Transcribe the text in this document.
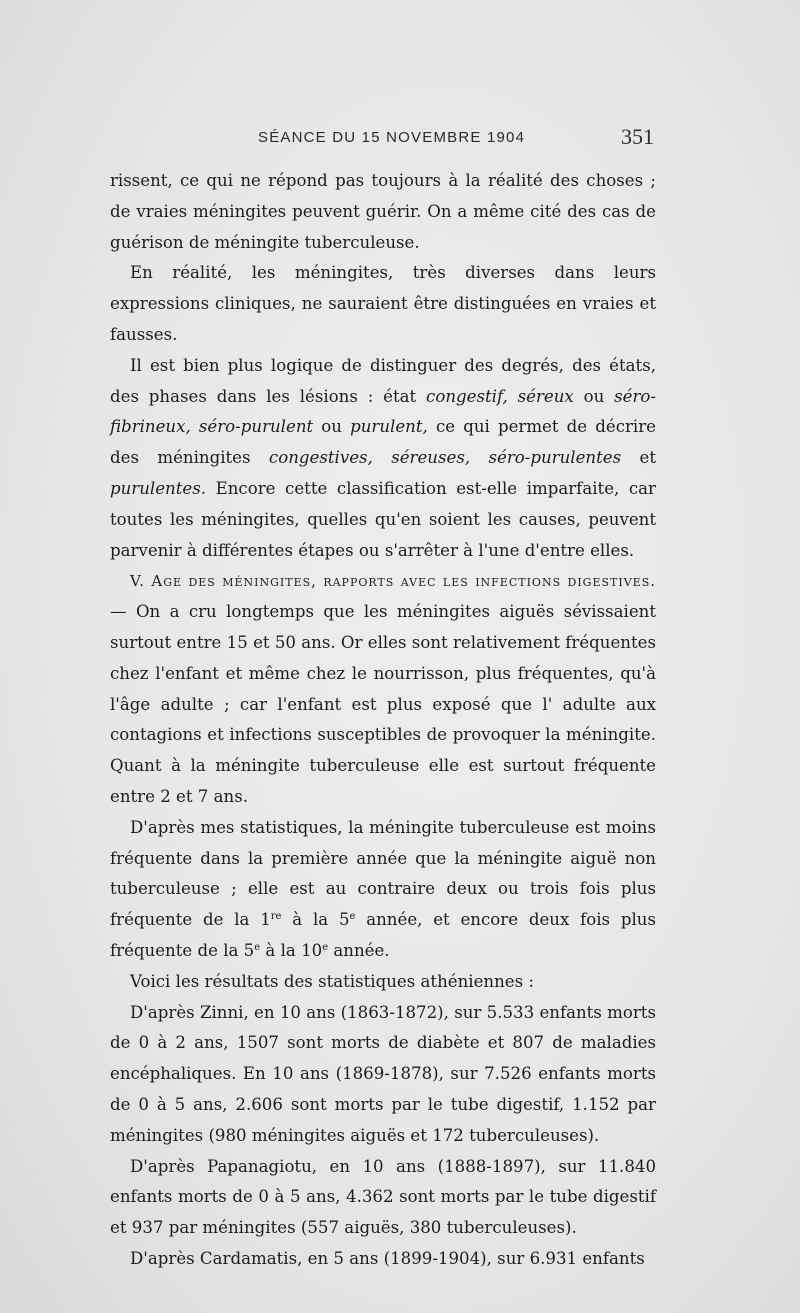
SÉANCE DU 15 NOVEMBRE 1904	351

rissent, ce qui ne répond pas toujours à la réalité des choses ; de vraies méningites peuvent guérir. On a même cité des cas de guérison de méningite tuberculeuse.

En réalité, les méningites, très diverses dans leurs expressions cliniques, ne sauraient être distinguées en vraies et fausses.

Il est bien plus logique de distinguer des degrés, des états, des phases dans les lésions : état congestif, séreux ou séro-fibrineux, séro-purulent ou purulent, ce qui permet de décrire des méningites congestives, séreuses, séro-purulentes et purulentes. Encore cette classification est-elle imparfaite, car toutes les méningites, quelles qu'en soient les causes, peuvent parvenir à différentes étapes ou s'arrêter à l'une d'entre elles.

V. Age des méningites, rapports avec les infections digestives. — On a cru longtemps que les méningites aiguës sévissaient surtout entre 15 et 50 ans. Or elles sont relativement fréquentes chez l'enfant et même chez le nourrisson, plus fréquentes, qu'à l'âge adulte ; car l'enfant est plus exposé que l' adulte aux contagions et infections susceptibles de provoquer la méningite. Quant à la méningite tuberculeuse elle est surtout fréquente entre 2 et 7 ans.

D'après mes statistiques, la méningite tuberculeuse est moins fréquente dans la première année que la méningite aiguë non tuberculeuse ; elle est au contraire deux ou trois fois plus fréquente de la 1re à la 5e année, et encore deux fois plus fréquente de la 5e à la 10e année.

Voici les résultats des statistiques athéniennes :

D'après Zinni, en 10 ans (1863-1872), sur 5.533 enfants morts de 0 à 2 ans, 1507 sont morts de diabète et 807 de maladies encéphaliques. En 10 ans (1869-1878), sur 7.526 enfants morts de 0 à 5 ans, 2.606 sont morts par le tube digestif, 1.152 par méningites (980 méningites aiguës et 172 tuberculeuses).

D'après Papanagiotu, en 10 ans (1888-1897), sur 11.840 enfants morts de 0 à 5 ans, 4.362 sont morts par le tube digestif et 937 par méningites (557 aiguës, 380 tuberculeuses).

D'après Cardamatis, en 5 ans (1899-1904), sur 6.931 enfants
